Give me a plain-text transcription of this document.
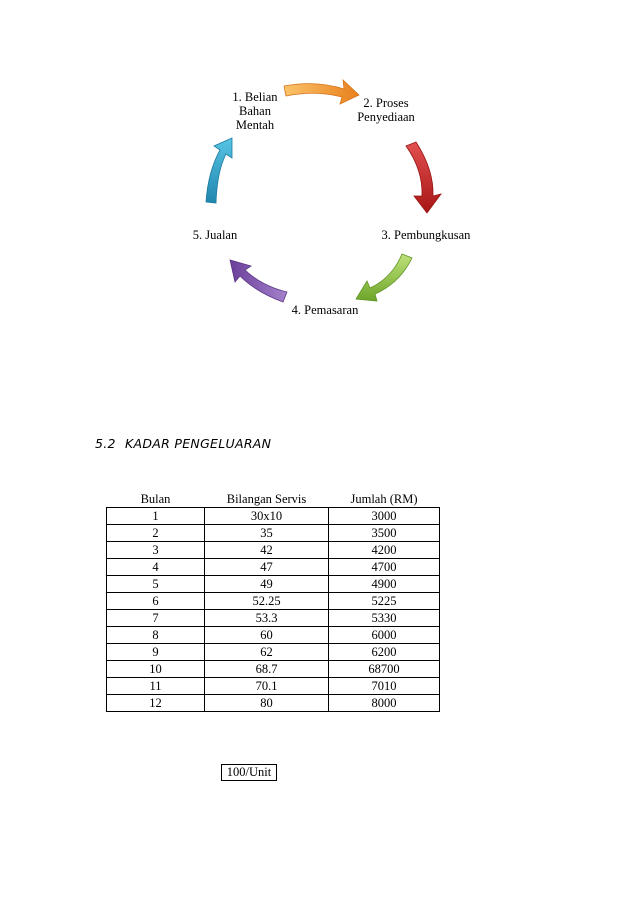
1. Belian
Bahan
Mentah
2. Proses
Penyediaan
3. Pembungkusan
4. Pemasaran
5. Jualan
5.2 KADAR PENGELUARAN
Bulan	Bilangan Servis	Jumlah (RM)
1	30x10	3000
2	35	3500
3	42	4200
4	47	4700
5	49	4900
6	52.25	5225
7	53.3	5330
8	60	6000
9	62	6200
10	68.7	68700
11	70.1	7010
12	80	8000
100/Unit
